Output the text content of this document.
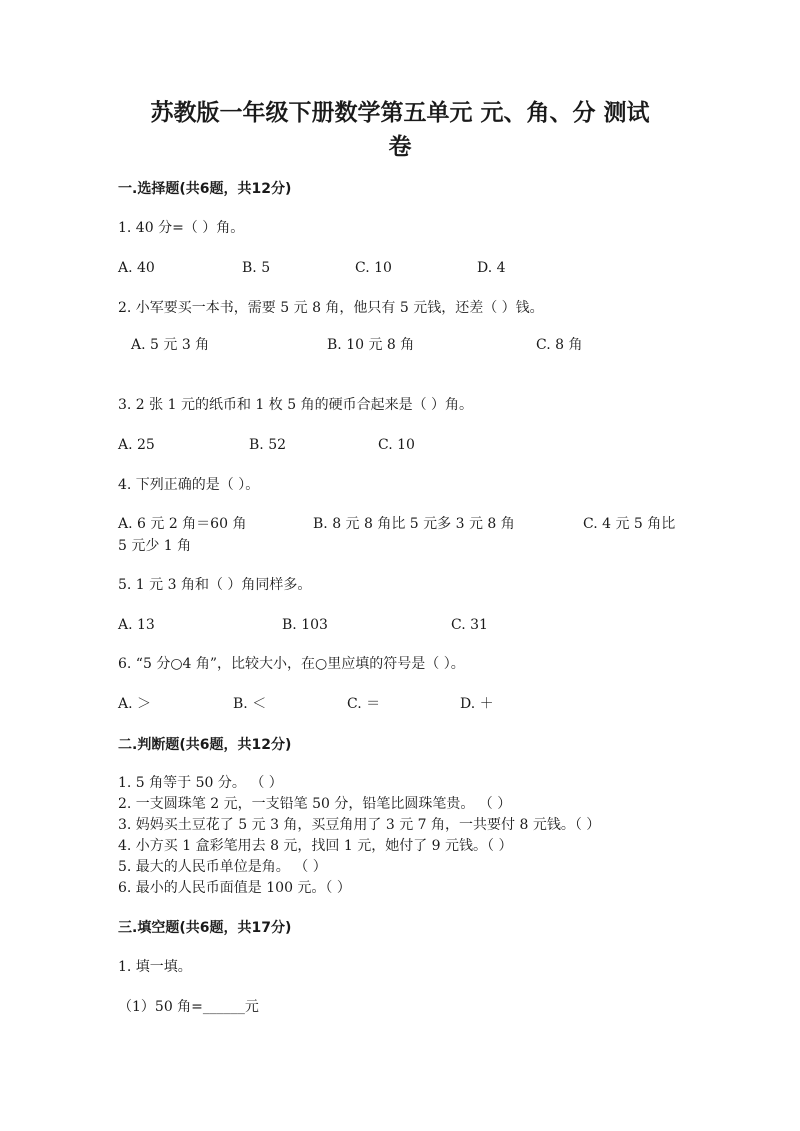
苏教版一年级下册数学第五单元 元、角、分 测试
卷
一.选择题(共6题，共12分)
1. 40 分=（ ）角。
A. 40	B. 5	C. 10	D. 4
2. 小军要买一本书，需要 5 元 8 角，他只有 5 元钱，还差（ ）钱。
A. 5 元 3 角	B. 10 元 8 角	C. 8 角
3. 2 张 1 元的纸币和 1 枚 5 角的硬币合起来是（ ）角。
A. 25	B. 52	C. 10
4. 下列正确的是（ ）。
A. 6 元 2 角＝60 角	B. 8 元 8 角比 5 元多 3 元 8 角	C. 4 元 5 角比
5 元少 1 角
5. 1 元 3 角和（ ）角同样多。
A. 13	B. 103	C. 31
6. “5 分○4 角”，比较大小，在○里应填的符号是（ ）。
A. ＞	B. ＜	C. ＝	D. ＋
二.判断题(共6题，共12分)
1. 5 角等于 50 分。 （ ）
2. 一支圆珠笔 2 元，一支铅笔 50 分，铅笔比圆珠笔贵。 （ ）
3. 妈妈买土豆花了 5 元 3 角，买豆角用了 3 元 7 角，一共要付 8 元钱。（ ）
4. 小方买 1 盒彩笔用去 8 元，找回 1 元，她付了 9 元钱。（ ）
5. 最大的人民币单位是角。 （ ）
6. 最小的人民币面值是 100 元。（ ）
三.填空题(共6题，共17分)
1. 填一填。
（1）50 角=______元
